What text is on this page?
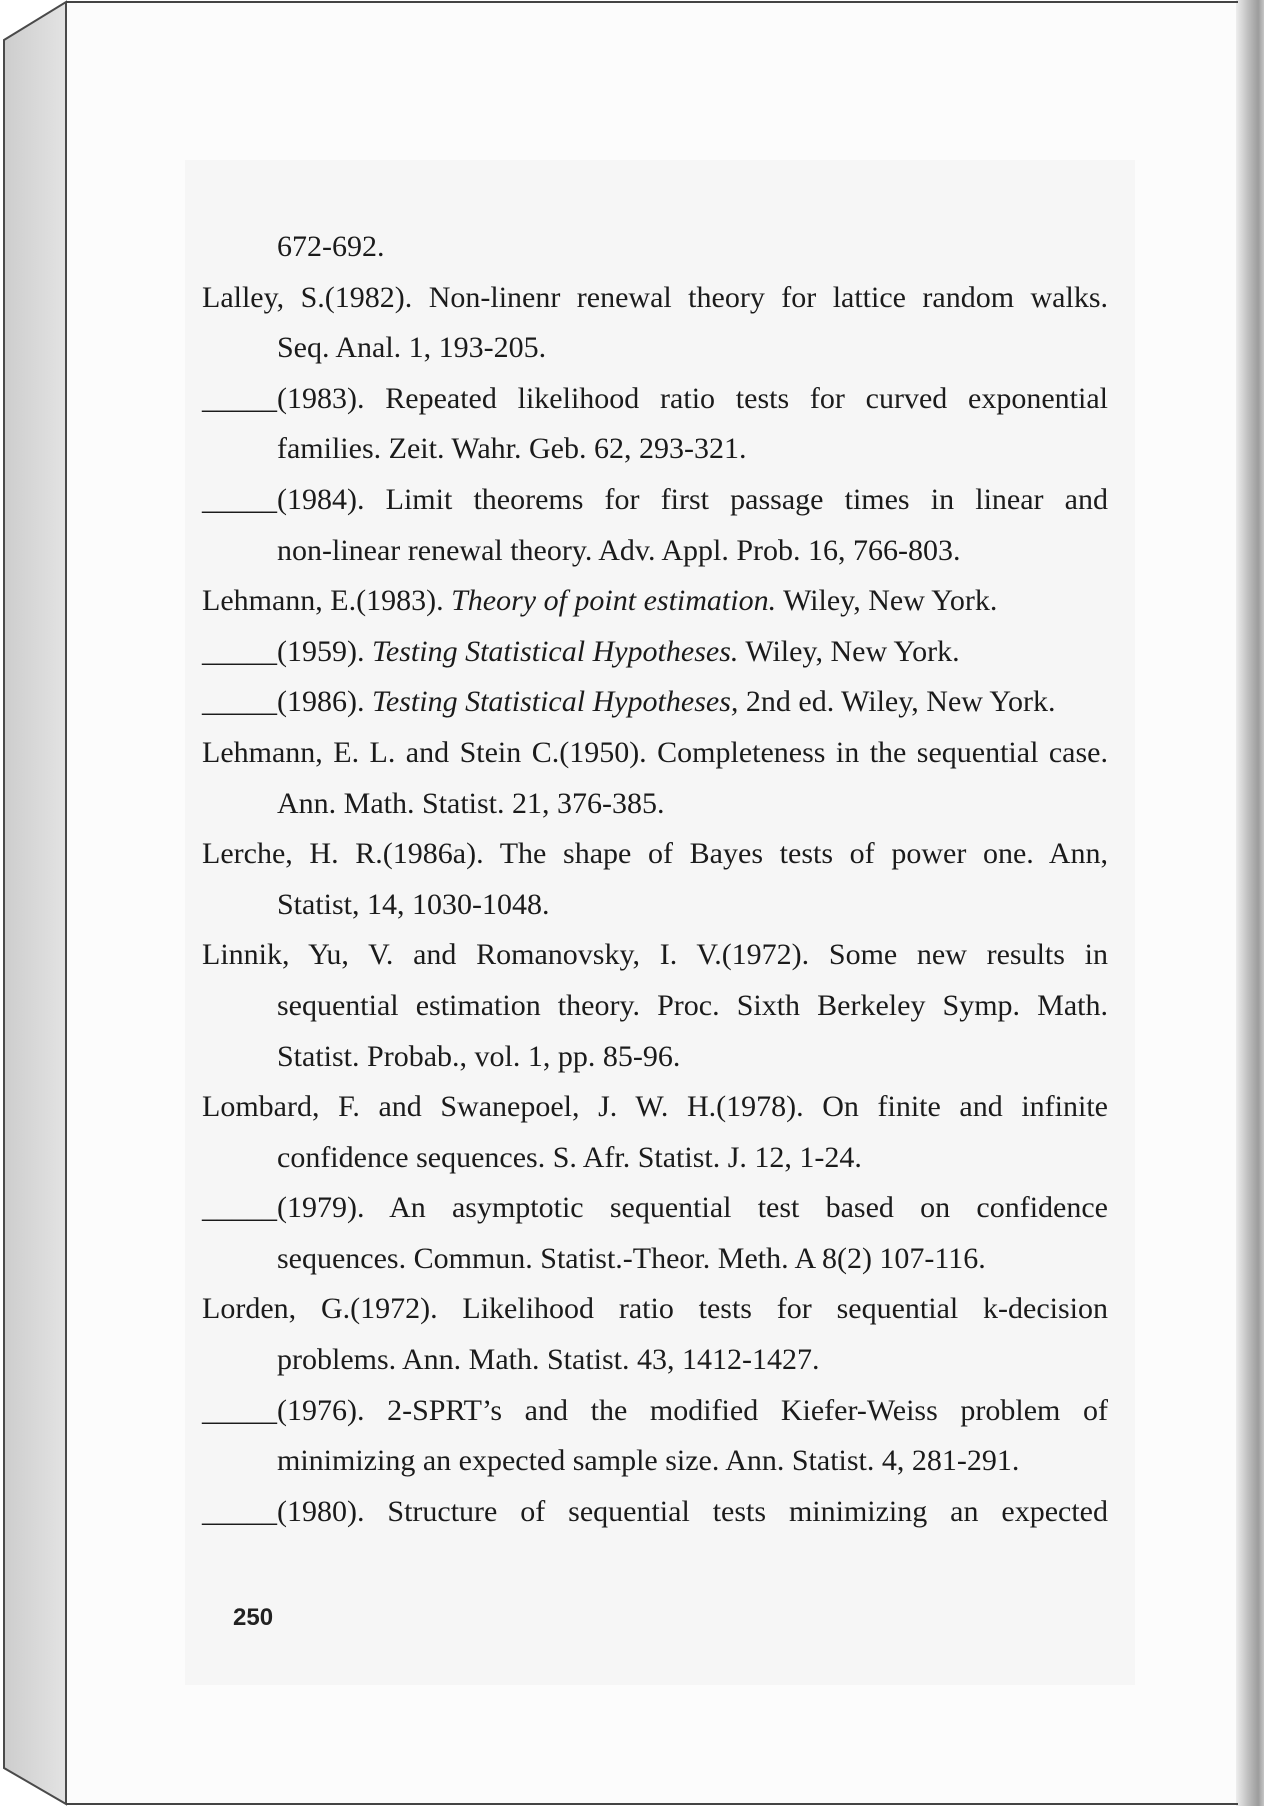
672-692.
Lalley, S.(1982). Non-linenr renewal theory for lattice random walks.
Seq. Anal. 1, 193-205.
_____(1983). Repeated likelihood ratio tests for curved exponential
families. Zeit. Wahr. Geb. 62, 293-321.
_____(1984). Limit theorems for first passage times in linear and
non-linear renewal theory. Adv. Appl. Prob. 16, 766-803.
Lehmann, E.(1983). Theory of point estimation. Wiley, New York.
_____(1959). Testing Statistical Hypotheses. Wiley, New York.
_____(1986). Testing Statistical Hypotheses, 2nd ed. Wiley, New York.
Lehmann, E. L. and Stein C.(1950). Completeness in the sequential case.
Ann. Math. Statist. 21, 376-385.
Lerche, H. R.(1986a). The shape of Bayes tests of power one. Ann,
Statist, 14, 1030-1048.
Linnik, Yu, V. and Romanovsky, I. V.(1972). Some new results in
sequential estimation theory. Proc. Sixth Berkeley Symp. Math.
Statist. Probab., vol. 1, pp. 85-96.
Lombard, F. and Swanepoel, J. W. H.(1978). On finite and infinite
confidence sequences. S. Afr. Statist. J. 12, 1-24.
_____(1979). An asymptotic sequential test based on confidence
sequences. Commun. Statist.-Theor. Meth. A 8(2) 107-116.
Lorden, G.(1972). Likelihood ratio tests for sequential k-decision
problems. Ann. Math. Statist. 43, 1412-1427.
_____(1976). 2-SPRT’s and the modified Kiefer-Weiss problem of
minimizing an expected sample size. Ann. Statist. 4, 281-291.
_____(1980). Structure of sequential tests minimizing an expected
250
